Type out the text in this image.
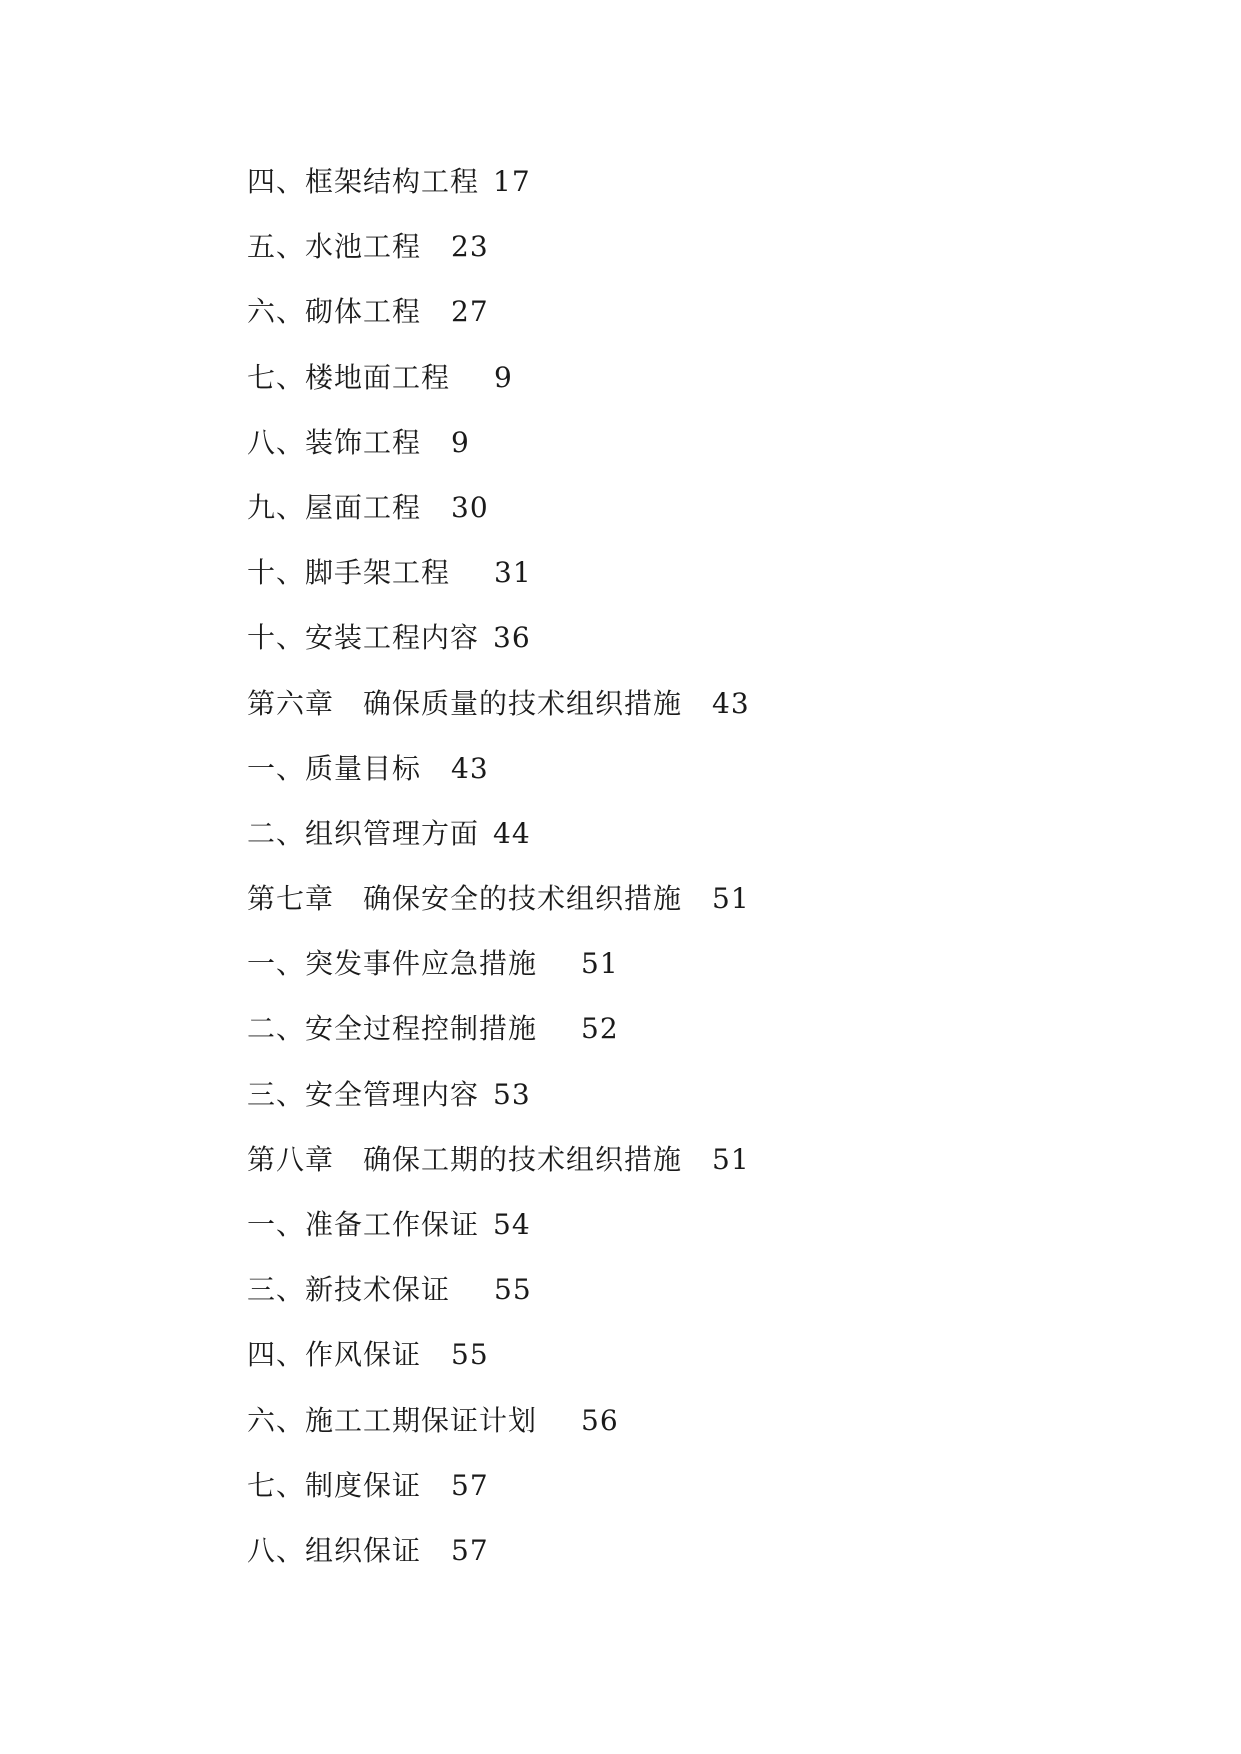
四、框架结构工程 17
五、水池工程 23
六、砌体工程 27
七、楼地面工程 9
八、装饰工程 9
九、屋面工程 30
十、脚手架工程 31
十、安装工程内容 36
第六章　确保质量的技术组织措施 43
一、质量目标 43
二、组织管理方面 44
第七章　确保安全的技术组织措施 51
一、突发事件应急措施 51
二、安全过程控制措施 52
三、安全管理内容 53
第八章　确保工期的技术组织措施 51
一、准备工作保证 54
三、新技术保证 55
四、作风保证 55
六、施工工期保证计划 56
七、制度保证 57
八、组织保证 57
